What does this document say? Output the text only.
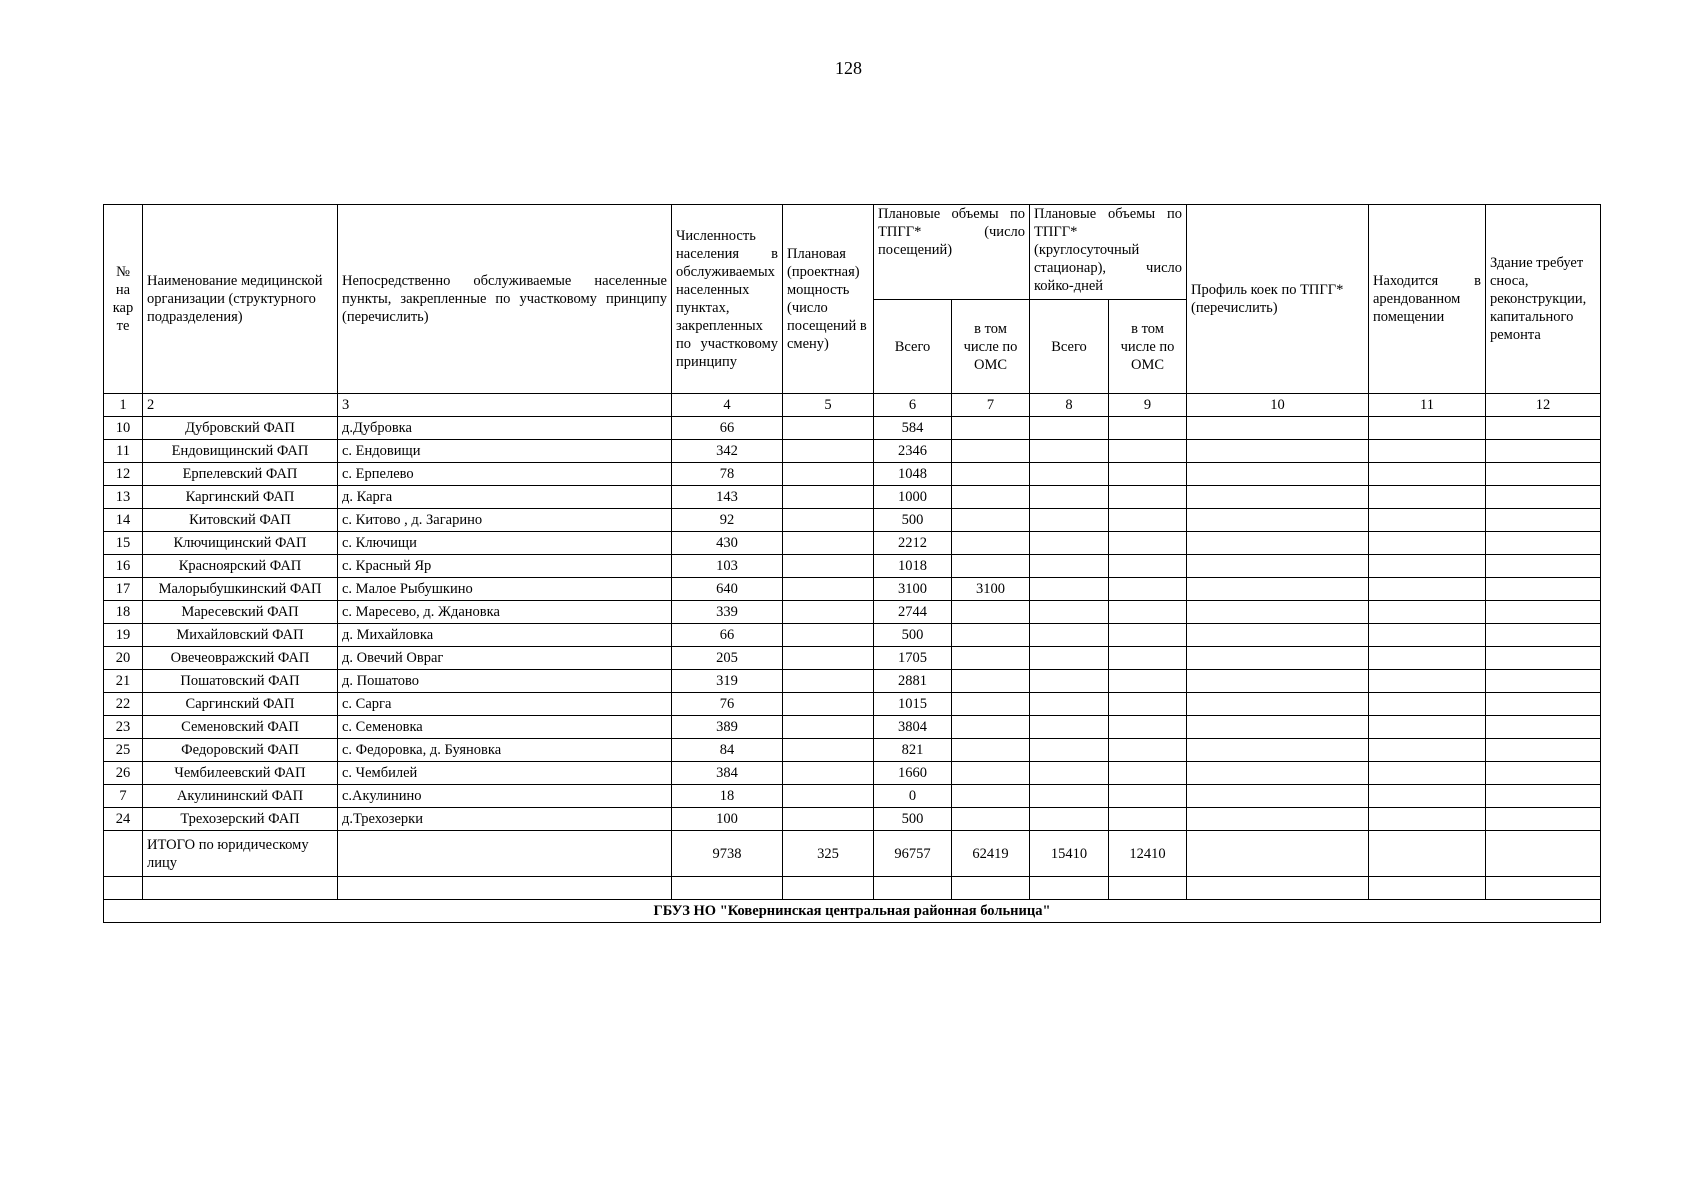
128
№ на кар те	Наименование медицинской организации (структурного подразделения)	Непосредственно обслуживаемые населенные пункты, закрепленные по участковому принципу (перечислить)	Численность населения в обслуживаемых населенных пунктах, закрепленных по участковому принципу	Плановая (проектная) мощность (число посещений в смену)	Плановые объемы по ТПГГ* (число посещений)		Плановые объемы по ТПГГ* (круглосуточный стационар), число койко-дней		Профиль коек по ТПГГ* (перечислить)	Находится в арендованном помещении	Здание требует сноса, реконструкции, капитального ремонта
					Всего	в том числе по ОМС	Всего	в том числе по ОМС			
1	2	3	4	5	6	7	8	9	10	11	12
10	Дубровский ФАП	д.Дубровка	66		584						
11	Ендовищинский ФАП	с. Ендовищи	342		2346						
12	Ерпелевский ФАП	с. Ерпелево	78		1048						
13	Каргинский ФАП	д. Карга	143		1000						
14	Китовский ФАП	с. Китово , д. Загарино	92		500						
15	Ключищинский ФАП	с. Ключищи	430		2212						
16	Красноярский ФАП	с. Красный Яр	103		1018						
17	Малорыбушкинский ФАП	с. Малое Рыбушкино	640		3100	3100					
18	Маресевский ФАП	с. Маресево, д. Ждановка	339		2744						
19	Михайловский ФАП	д. Михайловка	66		500						
20	Овечеовражский ФАП	д. Овечий Овраг	205		1705						
21	Пошатовский ФАП	д. Пошатово	319		2881						
22	Саргинский ФАП	с. Сарга	76		1015						
23	Семеновский ФАП	с. Семеновка	389		3804						
25	Федоровский ФАП	с. Федоровка, д. Буяновка	84		821						
26	Чембилеевский ФАП	с. Чембилей	384		1660						
7	Акулининский ФАП	с.Акулинино	18		0						
24	Трехозерский ФАП	д.Трехозерки	100		500						
	ИТОГО по юридическому лицу		9738	325	96757	62419	15410	12410			

ГБУЗ НО "Ковернинская центральная районная больница"											
